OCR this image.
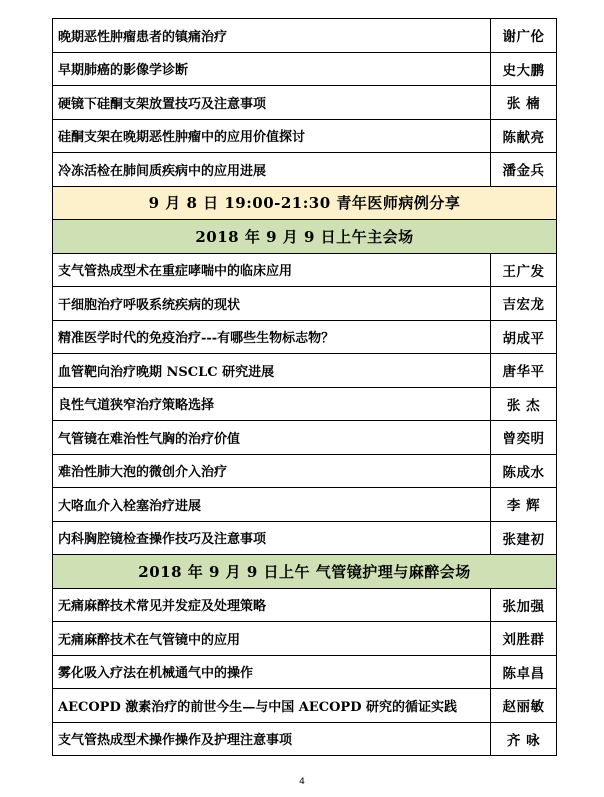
晚期恶性肿瘤患者的镇痛治疗	谢广伦
早期肺癌的影像学诊断	史大鹏
硬镜下硅酮支架放置技巧及注意事项	张 楠
硅酮支架在晚期恶性肿瘤中的应用价值探讨	陈献亮
冷冻活检在肺间质疾病中的应用进展	潘金兵
9 月 8 日 19:00-21:30 青年医师病例分享	
2018 年 9 月 9 日上午主会场	
支气管热成型术在重症哮喘中的临床应用	王广发
干细胞治疗呼吸系统疾病的现状	吉宏龙
精准医学时代的免疫治疗---有哪些生物标志物？	胡成平
血管靶向治疗晚期 NSCLC 研究进展	唐华平
良性气道狭窄治疗策略选择	张 杰
气管镜在难治性气胸的治疗价值	曾奕明
难治性肺大泡的微创介入治疗	陈成水
大咯血介入栓塞治疗进展	李 辉
内科胸腔镜检查操作技巧及注意事项	张建初
2018 年 9 月 9 日上午 气管镜护理与麻醉会场	
无痛麻醉技术常见并发症及处理策略	张加强
无痛麻醉技术在气管镜中的应用	刘胜群
雾化吸入疗法在机械通气中的操作	陈卓昌
AECOPD 激素治疗的前世今生—与中国 AECOPD 研究的循证实践	赵丽敏
支气管热成型术操作操作及护理注意事项	齐 咏
4
